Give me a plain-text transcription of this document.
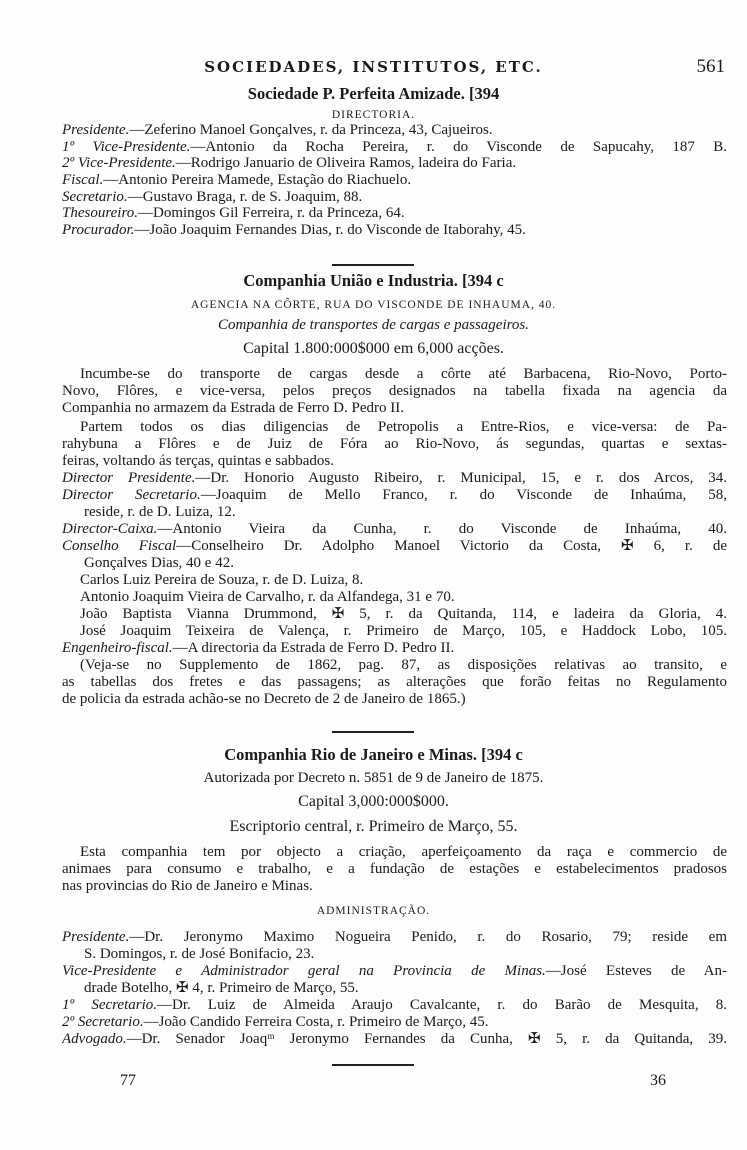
SOCIEDADES, INSTITUTOS, ETC.	561
77	36
Sociedade P. Perfeita Amizade. [394
DIRECTORIA.
Presidente.—Zeferino Manoel Gonçalves, r. da Princeza, 43, Cajueiros.
1º Vice-Presidente.—Antonio da Rocha Pereira, r. do Visconde de Sapucahy, 187 B.
2º Vice-Presidente.—Rodrigo Januario de Oliveira Ramos, ladeira do Faria.
Fiscal.—Antonio Pereira Mamede, Estação do Riachuelo.
Secretario.—Gustavo Braga, r. de S. Joaquim, 88.
Thesoureiro.—Domingos Gil Ferreira, r. da Princeza, 64.
Procurador.—João Joaquim Fernandes Dias, r. do Visconde de Itaborahy, 45.
Companhia União e Industria. [394 c
AGENCIA NA CÔRTE, RUA DO VISCONDE DE INHAUMA, 40.
Companhia de transportes de cargas e passageiros.
Capital 1.800:000$000 em 6,000 acções.
Incumbe-se do transporte de cargas desde a côrte até Barbacena, Rio-Novo, Porto-
Novo, Flôres, e vice-versa, pelos preços designados na tabella fixada na agencia da
Companhia no armazem da Estrada de Ferro D. Pedro II.
Partem todos os dias diligencias de Petropolis a Entre-Rios, e vice-versa: de Pa-
rahybuna a Flôres e de Juiz de Fóra ao Rio-Novo, ás segundas, quartas e sextas-
feiras, voltando ás terças, quintas e sabbados.
Director Presidente.—Dr. Honorio Augusto Ribeiro, r. Municipal, 15, e r. dos Arcos, 34.
Director Secretario.—Joaquim de Mello Franco, r. do Visconde de Inhaúma, 58,
reside, r. de D. Luiza, 12.
Director-Caixa.—Antonio Vieira da Cunha, r. do Visconde de Inhaúma, 40.
Conselho Fiscal—Conselheiro Dr. Adolpho Manoel Victorio da Costa, ✠ 6, r. de
Gonçalves Dias, 40 e 42.
Carlos Luiz Pereira de Souza, r. de D. Luiza, 8.
Antonio Joaquim Vieira de Carvalho, r. da Alfandega, 31 e 70.
João Baptista Vianna Drummond, ✠ 5, r. da Quitanda, 114, e ladeira da Gloria, 4.
José Joaquim Teixeira de Valença, r. Primeiro de Março, 105, e Haddock Lobo, 105.
Engenheiro-fiscal.—A directoria da Estrada de Ferro D. Pedro II.
(Veja-se no Supplemento de 1862, pag. 87, as disposições relativas ao transito, e
as tabellas dos fretes e das passagens; as alterações que forão feitas no Regulamento
de policia da estrada achão-se no Decreto de 2 de Janeiro de 1865.)
Companhia Rio de Janeiro e Minas. [394 c
Autorizada por Decreto n. 5851 de 9 de Janeiro de 1875.
Capital 3,000:000$000.
Escriptorio central, r. Primeiro de Março, 55.
Esta companhia tem por objecto a criação, aperfeiçoamento da raça e commercio de
animaes para consumo e trabalho, e a fundação de estações e estabelecimentos pradosos
nas provincias do Rio de Janeiro e Minas.
ADMINISTRAÇÃO.
Presidente.—Dr. Jeronymo Maximo Nogueira Penido, r. do Rosario, 79; reside em
S. Domingos, r. de José Bonifacio, 23.
Vice-Presidente e Administrador geral na Provincia de Minas.—José Esteves de An-
drade Botelho, ✠ 4, r. Primeiro de Março, 55.
1º Secretario.—Dr. Luiz de Almeida Araujo Cavalcante, r. do Barão de Mesquita, 8.
2º Secretario.—João Candido Ferreira Costa, r. Primeiro de Março, 45.
Advogado.—Dr. Senador Joaqᵐ Jeronymo Fernandes da Cunha, ✠ 5, r. da Quitanda, 39.
